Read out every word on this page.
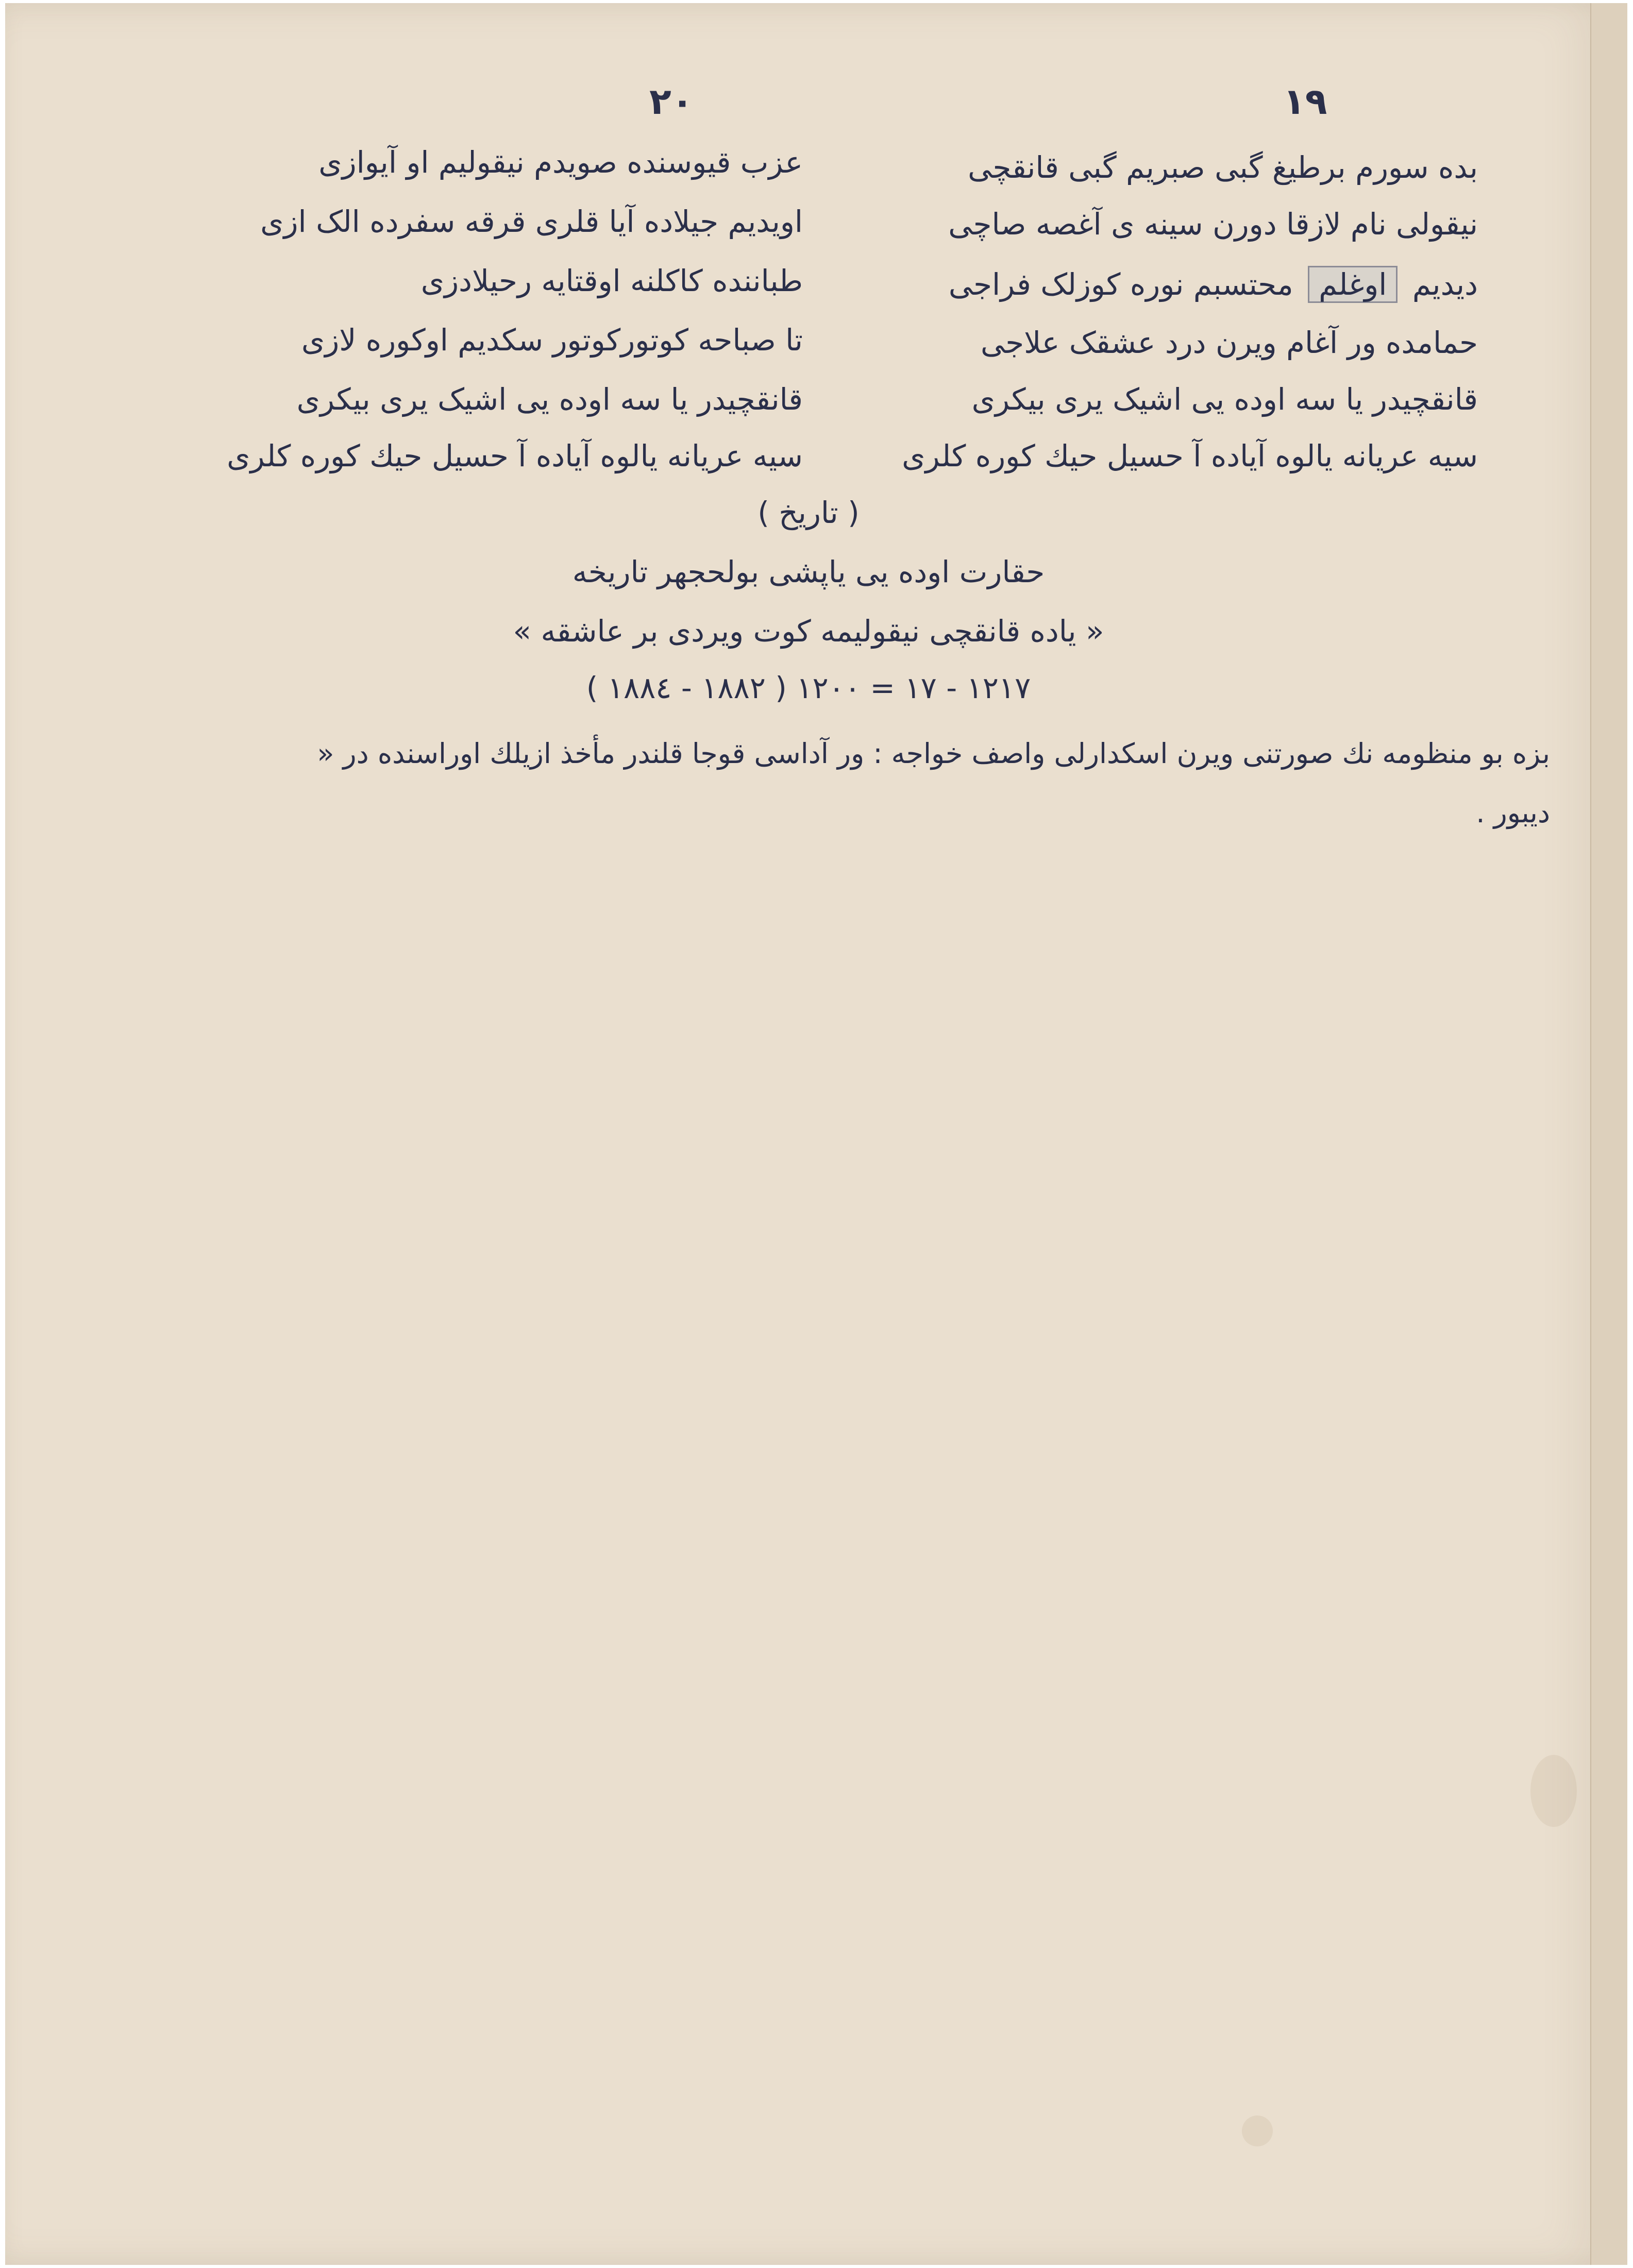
٢٠	١٩
بده سورم برطیغ گبی صبریم گبی قانقچی
نیقولی نام لازقا دورن سینه ی آغصه صاچی
دیدیم اوغلم محتسبم نوره کوزلک فراجی
حمامده ور آغام ویرن درد عشقک علاجی
قانقچیدر یا سه اوده یی اشیک یری بیکری
سیه عریانه یالوه آیاده آ حسیل حیك کوره کلرى
عزب قیوسنده صویدم نیقولیم او آیوازی
اویدیم جیلاده آیا قلری قرقه سفرده الک ازی
طباننده کاکلنه اوقتایه رحیلادزی
تا صباحه کوتورکوتور سکدیم اوکوره لازی
قانقچیدر یا سه اوده یی اشیک یری بیکری
سیه عریانه یالوه آیاده آ حسیل حیك کوره کلرى
( تاریخ )
حقارت اوده یی یاپشی بولحجهر تاریخه
« یاده قانقچی نیقولیمه کوت ویردی بر عاشقه »
١٢١٧ - ١٧ = ١٢٠٠ ( ١٨٨٢ - ١٨٨٤ )
بزه بو منظومه نك صورتنی ویرن اسکدارلی واصف خواجه : ور آداسی قوجا قلندر مأخذ ازیلك اوراسنده در «
دیبور .
